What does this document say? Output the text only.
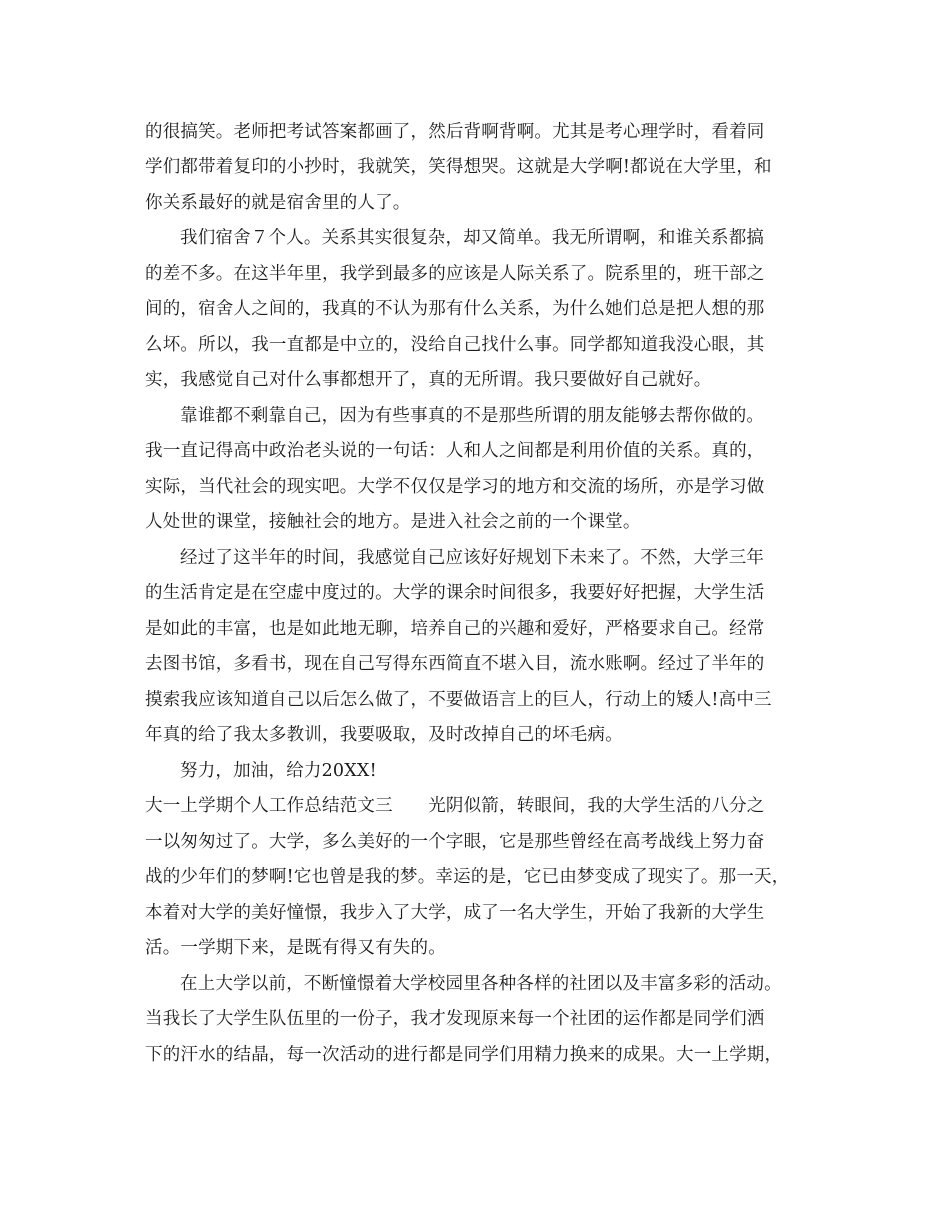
的很搞笑。老师把考试答案都画了，然后背啊背啊。尤其是考心理学时，看着同
学们都带着复印的小抄时，我就笑，笑得想哭。这就是大学啊!都说在大学里，和
你关系最好的就是宿舍里的人了。
我们宿舍７个人。关系其实很复杂，却又简单。我无所谓啊，和谁关系都搞
的差不多。在这半年里，我学到最多的应该是人际关系了。院系里的，班干部之
间的，宿舍人之间的，我真的不认为那有什么关系，为什么她们总是把人想的那
么坏。所以，我一直都是中立的，没给自己找什么事。同学都知道我没心眼，其
实，我感觉自己对什么事都想开了，真的无所谓。我只要做好自己就好。
靠谁都不剩靠自己，因为有些事真的不是那些所谓的朋友能够去帮你做的。
我一直记得高中政治老头说的一句话：人和人之间都是利用价值的关系。真的，
实际，当代社会的现实吧。大学不仅仅是学习的地方和交流的场所，亦是学习做
人处世的课堂，接触社会的地方。是进入社会之前的一个课堂。
经过了这半年的时间，我感觉自己应该好好规划下未来了。不然，大学三年
的生活肯定是在空虚中度过的。大学的课余时间很多，我要好好把握，大学生活
是如此的丰富，也是如此地无聊，培养自己的兴趣和爱好，严格要求自己。经常
去图书馆，多看书，现在自己写得东西简直不堪入目，流水账啊。经过了半年的
摸索我应该知道自己以后怎么做了，不要做语言上的巨人，行动上的矮人!高中三
年真的给了我太多教训，我要吸取，及时改掉自己的坏毛病。
努力，加油，给力20XX!
大一上学期个人工作总结范文三　　光阴似箭，转眼间，我的大学生活的八分之
一以匆匆过了。大学，多么美好的一个字眼，它是那些曾经在高考战线上努力奋
战的少年们的梦啊!它也曾是我的梦。幸运的是，它已由梦变成了现实了。那一天，
本着对大学的美好憧憬，我步入了大学，成了一名大学生，开始了我新的大学生
活。一学期下来，是既有得又有失的。
在上大学以前，不断憧憬着大学校园里各种各样的社团以及丰富多彩的活动。
当我长了大学生队伍里的一份子，我才发现原来每一个社团的运作都是同学们洒
下的汗水的结晶，每一次活动的进行都是同学们用精力换来的成果。大一上学期，
